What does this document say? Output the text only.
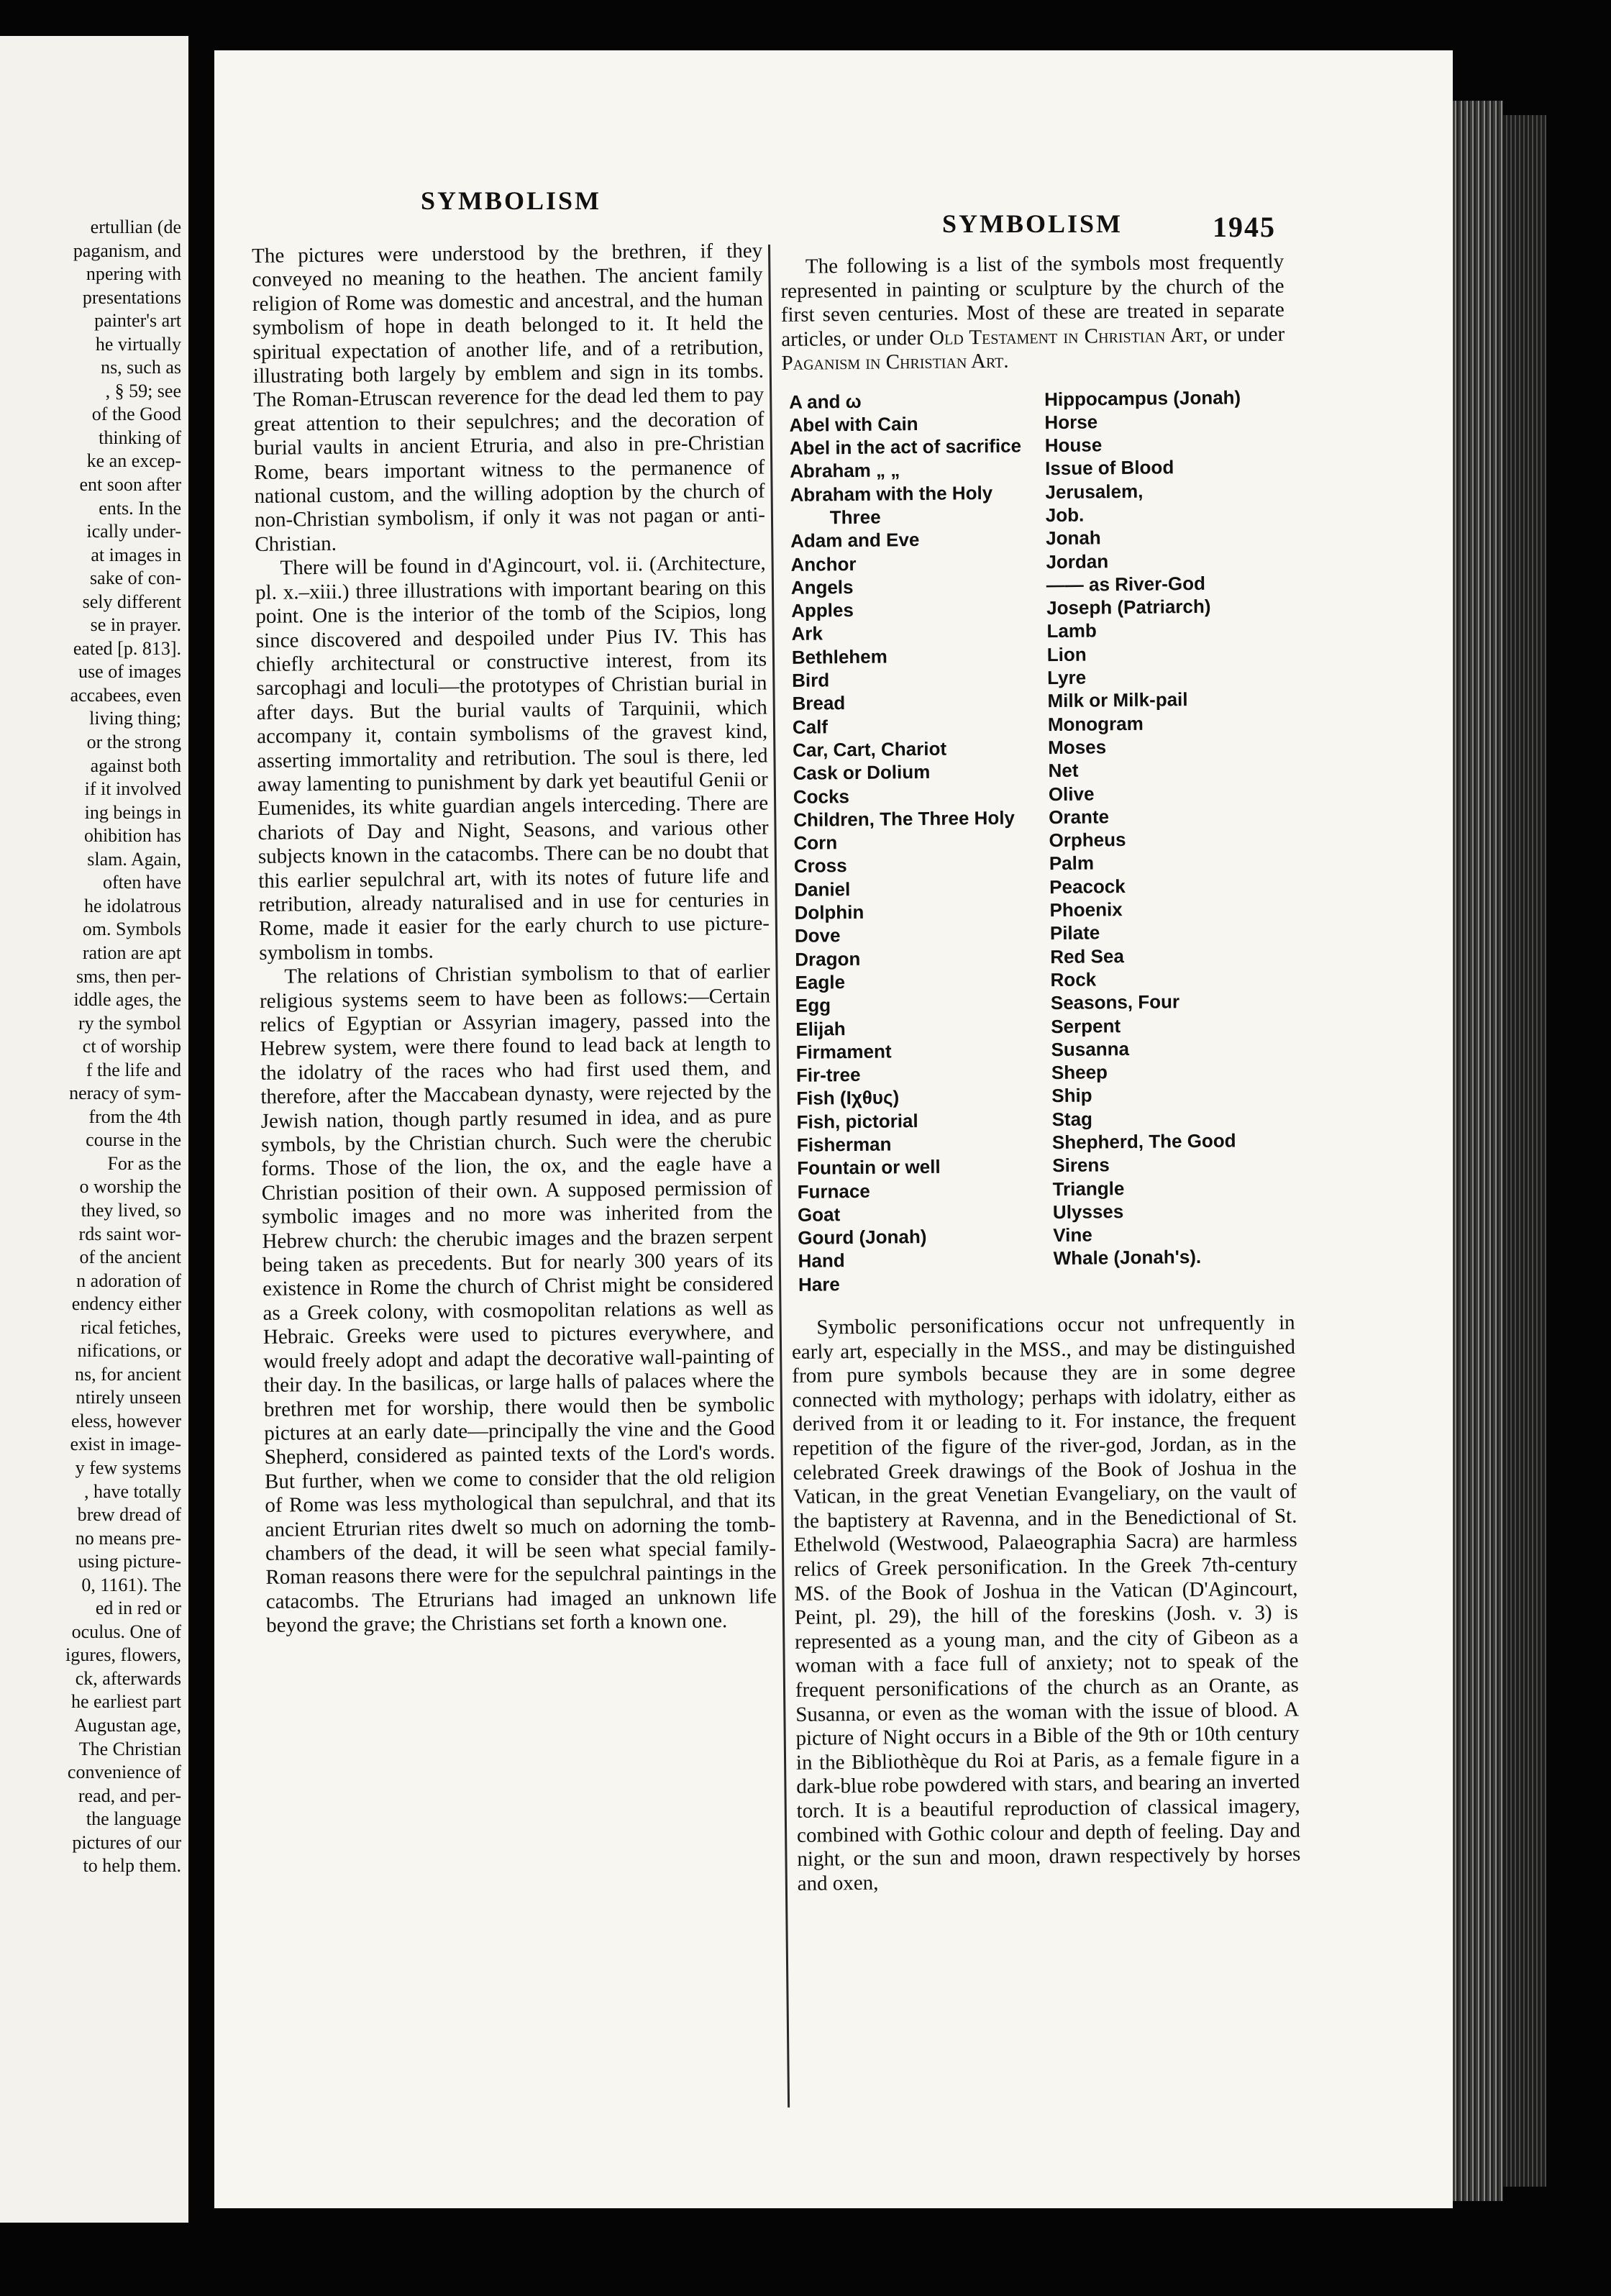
ertullian (de
paganism, and
npering with
presentations
painter's art
he virtually
ns, such as
, § 59; see
of the Good
thinking of
ke an excep-
ent soon after
ents. In the
ically under-
at images in
sake of con-
sely different
se in prayer.
eated [p. 813].
use of images
accabees, even
living thing;
or the strong
against both
if it involved
ing beings in
ohibition has
slam. Again,
often have
he idolatrous
om. Symbols
ration are apt
sms, then per-
iddle ages, the
ry the symbol
ct of worship
f the life and
neracy of sym-
from the 4th
course in the
For as the
o worship the
they lived, so
rds saint wor-
of the ancient
n adoration of
endency either
rical fetiches,
nifications, or
ns, for ancient
ntirely unseen
eless, however
exist in image-
y few systems
, have totally
brew dread of
no means pre-
using picture-
0, 1161). The
ed in red or
oculus. One of
igures, flowers,
ck, afterwards
he earliest part
Augustan age,
The Christian
convenience of
read, and per-
the language
pictures of our
to help them.
SYMBOLISM
SYMBOLISM	1945

The pictures were understood by the brethren, if they conveyed no meaning to the heathen. The ancient family religion of Rome was domestic and ancestral, and the human symbolism of hope in death belonged to it. It held the spiritual expectation of another life, and of a retribution, illustrating both largely by emblem and sign in its tombs. The Roman-Etruscan reverence for the dead led them to pay great attention to their sepulchres; and the decoration of burial vaults in ancient Etruria, and also in pre-Christian Rome, bears important witness to the permanence of national custom, and the willing adoption by the church of non-Christian symbolism, if only it was not pagan or anti-Christian.

There will be found in d'Agincourt, vol. ii. (Architecture, pl. x.–xiii.) three illustrations with important bearing on this point. One is the interior of the tomb of the Scipios, long since discovered and despoiled under Pius IV. This has chiefly architectural or constructive interest, from its sarcophagi and loculi—the prototypes of Christian burial in after days. But the burial vaults of Tarquinii, which accompany it, contain symbolisms of the gravest kind, asserting immortality and retribution. The soul is there, led away lamenting to punishment by dark yet beautiful Genii or Eumenides, its white guardian angels interceding. There are chariots of Day and Night, Seasons, and various other subjects known in the catacombs. There can be no doubt that this earlier sepulchral art, with its notes of future life and retribution, already naturalised and in use for centuries in Rome, made it easier for the early church to use picture-symbolism in tombs.

The relations of Christian symbolism to that of earlier religious systems seem to have been as follows:—Certain relics of Egyptian or Assyrian imagery, passed into the Hebrew system, were there found to lead back at length to the idolatry of the races who had first used them, and therefore, after the Maccabean dynasty, were rejected by the Jewish nation, though partly resumed in idea, and as pure symbols, by the Christian church. Such were the cherubic forms. Those of the lion, the ox, and the eagle have a Christian position of their own. A supposed permission of symbolic images and no more was inherited from the Hebrew church: the cherubic images and the brazen serpent being taken as precedents. But for nearly 300 years of its existence in Rome the church of Christ might be considered as a Greek colony, with cosmopolitan relations as well as Hebraic. Greeks were used to pictures everywhere, and would freely adopt and adapt the decorative wall-painting of their day. In the basilicas, or large halls of palaces where the brethren met for worship, there would then be symbolic pictures at an early date—principally the vine and the Good Shepherd, considered as painted texts of the Lord's words. But further, when we come to consider that the old religion of Rome was less mythological than sepulchral, and that its ancient Etrurian rites dwelt so much on adorning the tomb-chambers of the dead, it will be seen what special family-Roman reasons there were for the sepulchral paintings in the catacombs. The Etrurians had imaged an unknown life beyond the grave; the Christians set forth a known one.

The following is a list of the symbols most frequently represented in painting or sculpture by the church of the first seven centuries. Most of these are treated in separate articles, or under Old Testament in Christian Art, or under Paganism in Christian Art.

A and ω
Abel with Cain
Abel in the act of sacrifice
Abraham „ „
Abraham with the Holy
Three
Adam and Eve
Anchor
Angels
Apples
Ark
Bethlehem
Bird
Bread
Calf
Car, Cart, Chariot
Cask or Dolium
Cocks
Children, The Three Holy
Corn
Cross
Daniel
Dolphin
Dove
Dragon
Eagle
Egg
Elijah
Firmament
Fir-tree
Fish (Ιχθυς)
Fish, pictorial
Fisherman
Fountain or well
Furnace
Goat
Gourd (Jonah)
Hand
Hare
Hippocampus (Jonah)
Horse
House
Issue of Blood
Jerusalem,
Job.
Jonah
Jordan
—— as River-God
Joseph (Patriarch)
Lamb
Lion
Lyre
Milk or Milk-pail
Monogram
Moses
Net
Olive
Orante
Orpheus
Palm
Peacock
Phoenix
Pilate
Red Sea
Rock
Seasons, Four
Serpent
Susanna
Sheep
Ship
Stag
Shepherd, The Good
Sirens
Triangle
Ulysses
Vine
Whale (Jonah's).

Symbolic personifications occur not unfrequently in early art, especially in the MSS., and may be distinguished from pure symbols because they are in some degree connected with mythology; perhaps with idolatry, either as derived from it or leading to it. For instance, the frequent repetition of the figure of the river-god, Jordan, as in the celebrated Greek drawings of the Book of Joshua in the Vatican, in the great Venetian Evangeliary, on the vault of the baptistery at Ravenna, and in the Benedictional of St. Ethelwold (Westwood, Palaeographia Sacra) are harmless relics of Greek personification. In the Greek 7th-century MS. of the Book of Joshua in the Vatican (D'Agincourt, Peint, pl. 29), the hill of the foreskins (Josh. v. 3) is represented as a young man, and the city of Gibeon as a woman with a face full of anxiety; not to speak of the frequent personifications of the church as an Orante, as Susanna, or even as the woman with the issue of blood. A picture of Night occurs in a Bible of the 9th or 10th century in the Bibliothèque du Roi at Paris, as a female figure in a dark-blue robe powdered with stars, and bearing an inverted torch. It is a beautiful reproduction of classical imagery, combined with Gothic colour and depth of feeling. Day and night, or the sun and moon, drawn respectively by horses and oxen,
